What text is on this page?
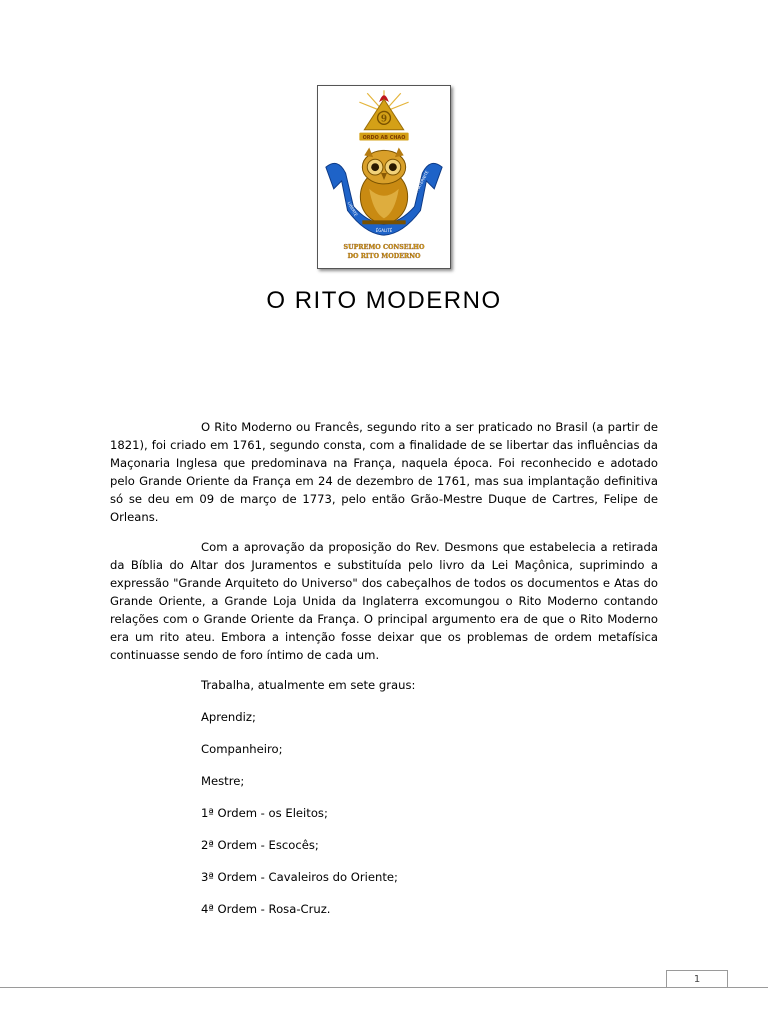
9
ORDO AB CHAO
LIBERTÉ
FRATERNITÉ
ÉGALITÉ
SUPREMO CONSELHO
DO RITO MODERNO
O RITO MODERNO

O Rito Moderno ou Francês, segundo rito a ser praticado no Brasil (a partir de 1821), foi criado em 1761, segundo consta, com a finalidade de se libertar das influências da Maçonaria Inglesa que predominava na França, naquela época. Foi reconhecido e adotado pelo Grande Oriente da França em 24 de dezembro de 1761, mas sua implantação definitiva só se deu em 09 de março de 1773, pelo então Grão-Mestre Duque de Cartres, Felipe de Orleans.

Com a aprovação da proposição do Rev. Desmons que estabelecia a retirada da Bíblia do Altar dos Juramentos e substituída pelo livro da Lei Maçônica, suprimindo a expressão "Grande Arquiteto do Universo" dos cabeçalhos de todos os documentos e Atas do Grande Oriente, a Grande Loja Unida da Inglaterra excomungou o Rito Moderno contando relações com o Grande Oriente da França. O principal argumento era de que o Rito Moderno era um rito ateu. Embora a intenção fosse deixar que os problemas de ordem metafísica continuasse sendo de foro íntimo de cada um.

Trabalha, atualmente em sete graus:

Aprendiz;

Companheiro;

Mestre;

1ª Ordem - os Eleitos;

2ª Ordem - Escocês;

3ª Ordem - Cavaleiros do Oriente;

4ª Ordem - Rosa-Cruz.

1
